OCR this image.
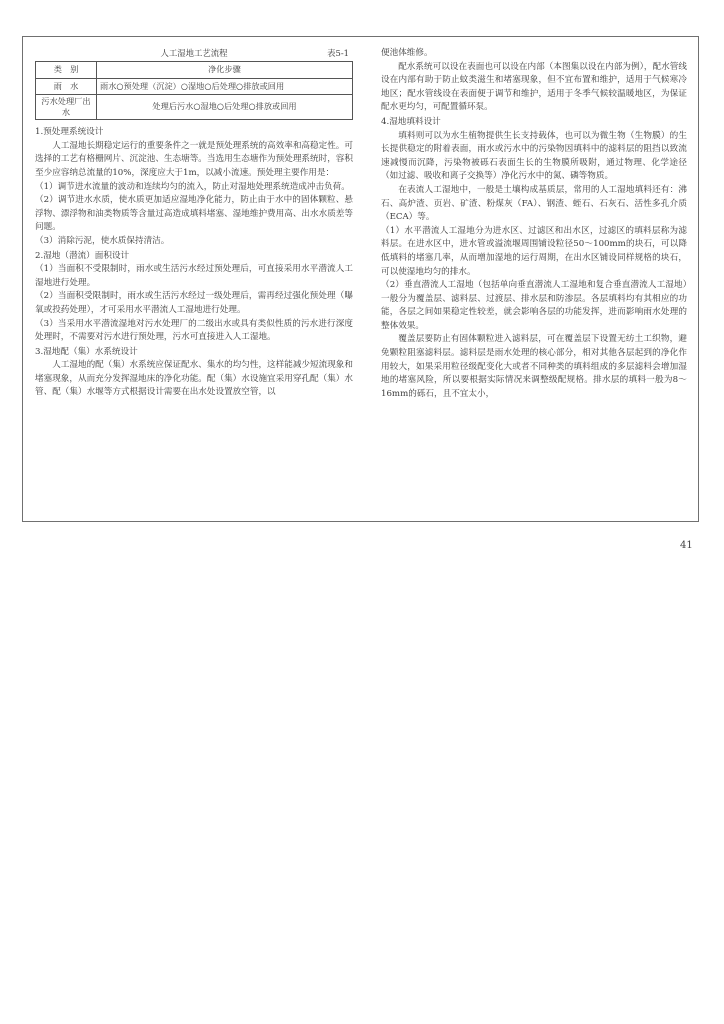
人工湿地工艺流程	表5-1
类　别	净化步骤
雨　水	雨水○预处理（沉淀）○湿地○后处理○排放或回用
污水处理厂出水	处理后污水○湿地○后处理○排放或回用

1.预处理系统设计

人工湿地长期稳定运行的重要条件之一就是预处理系统的高效率和高稳定性。可选择的工艺有格栅网片、沉淀池、生态塘等。当选用生态塘作为预处理系统时，容积至少应容纳总流量的10%，深度应大于1m，以减小流速。预处理主要作用是：

（1）调节进水流量的波动和连续均匀的流入，防止对湿地处理系统造成冲击负荷。

（2）调节进水水质，使水质更加适应湿地净化能力，防止由于水中的固体颗粒、悬浮物、漂浮物和油类物质等含量过高造成填料堵塞、湿地维护费用高、出水水质差等问题。

（3）消除污泥，使水质保持清洁。

2.湿地（潜流）面积设计

（1）当面积不受限制时，雨水或生活污水经过预处理后，可直接采用水平潜流人工湿地进行处理。

（2）当面积受限制时，雨水或生活污水经过一级处理后，需再经过强化预处理（曝氧或投药处理），才可采用水平潜流人工湿地进行处理。

（3）当采用水平潜流湿地对污水处理厂的二级出水或具有类似性质的污水进行深度处理时，不需要对污水进行预处理，污水可直接进入人工湿地。

3.湿地配（集）水系统设计

人工湿地的配（集）水系统应保证配水、集水的均匀性，这样能减少短流现象和堵塞现象，从而充分发挥湿地床的净化功能。配（集）水设施宜采用穿孔配（集）水管、配（集）水堰等方式根据设计需要在出水处设置放空管，以

便池体维修。

配水系统可以设在表面也可以设在内部（本图集以设在内部为例），配水管线设在内部有助于防止蚊类滋生和堵塞现象，但不宜布置和维护，适用于气候寒冷地区；配水管线设在表面便于调节和维护，适用于冬季气候较温暖地区，为保证配水更均匀，可配置循环泵。

4.湿地填料设计

填料则可以为水生植物提供生长支持载体，也可以为微生物（生物膜）的生长提供稳定的附着表面，雨水或污水中的污染物因填料中的滤料层的阻挡以致流速减慢而沉降，污染物被砾石表面生长的生物膜所吸附，通过物理、化学途径（如过滤、吸收和离子交换等）净化污水中的氮、磷等物质。

在表流人工湿地中，一般是土壤构成基质层，常用的人工湿地填料还有：沸石、高炉渣、页岩、矿渣、粉煤灰（FA）、钢渣、蛭石、石灰石、活性多孔介质（ECA）等。

（1）水平潜流人工湿地分为进水区、过滤区和出水区，过滤区的填料层称为滤料层。在进水区中，进水管或溢流堰周围铺设粒径50～100mm的块石，可以降低填料的堵塞几率，从而增加湿地的运行周期，在出水区铺设同样规格的块石，可以使湿地均匀的排水。

（2）垂直潜流人工湿地（包括单向垂直潜流人工湿地和复合垂直潜流人工湿地）一般分为覆盖层、滤料层、过渡层、排水层和防渗层。各层填料均有其相应的功能，各层之间如果稳定性较差，就会影响各层的功能发挥，进而影响雨水处理的整体效果。

覆盖层要防止有固体颗粒进入滤料层，可在覆盖层下设置无纺土工织物，避免颗粒阻塞滤料层。滤料层是雨水处理的核心部分，相对其他各层起到的净化作用较大，如果采用粒径级配变化大或者不同种类的填料组成的多层滤料会增加湿地的堵塞风险，所以要根据实际情况来调整级配规格。排水层的填料一般为8～16mm的砾石，且不宜太小，

41
